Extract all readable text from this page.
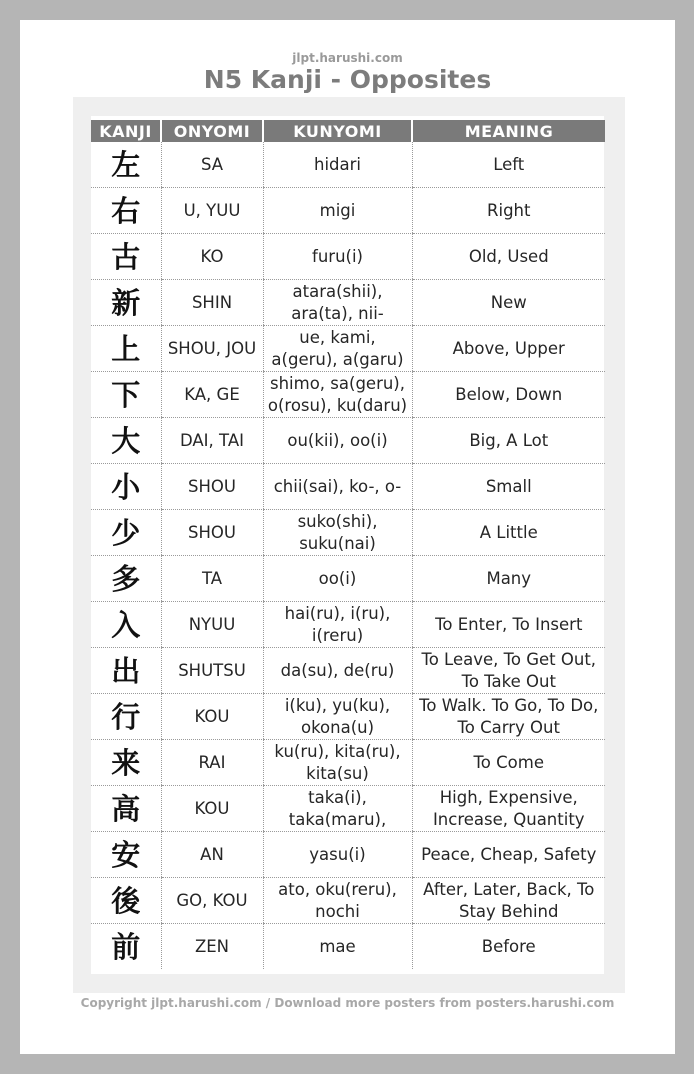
jlpt.harushi.com
N5 Kanji - Opposites
KANJI	ONYOMI	KUNYOMI	MEANING
左	SA	hidari	Left
右	U, YUU	migi	Right
古	KO	furu(i)	Old, Used
新	SHIN	atara(shii), ara(ta), nii-	New
上	SHOU, JOU	ue, kami, a(geru), a(garu)	Above, Upper
下	KA, GE	shimo, sa(geru), o(rosu), ku(daru)	Below, Down
大	DAI, TAI	ou(kii), oo(i)	Big, A Lot
小	SHOU	chii(sai), ko-, o-	Small
少	SHOU	suko(shi), suku(nai)	A Little
多	TA	oo(i)	Many
入	NYUU	hai(ru), i(ru), i(reru)	To Enter, To Insert
出	SHUTSU	da(su), de(ru)	To Leave, To Get Out, To Take Out
行	KOU	i(ku), yu(ku), okona(u)	To Walk. To Go, To Do, To Carry Out
来	RAI	ku(ru), kita(ru), kita(su)	To Come
高	KOU	taka(i), taka(maru),	High, Expensive, Increase, Quantity
安	AN	yasu(i)	Peace, Cheap, Safety
後	GO, KOU	ato, oku(reru), nochi	After, Later, Back, To Stay Behind
前	ZEN	mae	Before
Copyright jlpt.harushi.com / Download more posters from posters.harushi.com
